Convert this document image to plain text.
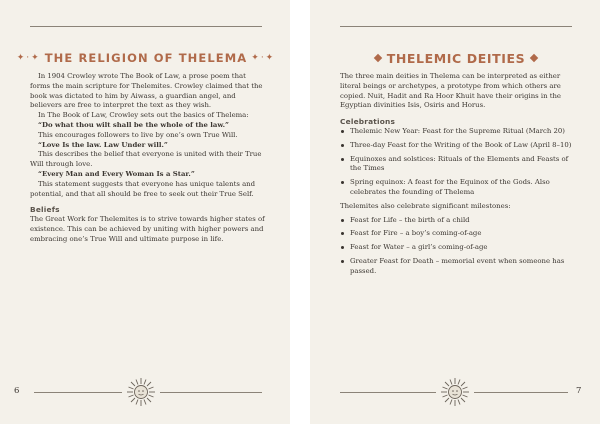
✦·✦ THE RELIGION OF THELEMA ✦·✦

In 1904 Crowley wrote The Book of Law, a prose poem that forms the main scripture for Thelemites. Crowley claimed that the book was dictated to him by Aiwass, a guardian angel, and believers are free to interpret the text as they wish.

In The Book of Law, Crowley sets out the basics of Thelema:

“Do what thou wilt shall be the whole of the law.”

This encourages followers to live by one’s own True Will.

“Love Is the law. Law Under will.”

This describes the belief that everyone is united with their True Will through love.

“Every Man and Every Woman Is a Star.”

This statement suggests that everyone has unique talents and potential, and that all should be free to seek out their True Self.

Beliefs

The Great Work for Thelemites is to strive towards higher states of existence. This can be achieved by uniting with higher powers and embracing one’s True Will and ultimate purpose in life.

6
THELEMIC DEITIES

The three main deities in Thelema can be interpreted as either literal beings or archetypes, a prototype from which others are copied. Nuit, Hadit and Ra Hoor Khuit have their origins in the Egyptian divinities Isis, Osiris and Horus.

Celebrations

Thelemic New Year: Feast for the Supreme Ritual (March 20)
Three-day Feast for the Writing of the Book of Law (April 8–10)
Equinoxes and solstices: Rituals of the Elements and Feasts of the Times
Spring equinox: A feast for the Equinox of the Gods. Also celebrates the founding of Thelema

Thelemites also celebrate significant milestones:

Feast for Life – the birth of a child
Feast for Fire – a boy’s coming-of-age
Feast for Water – a girl’s coming-of-age
Greater Feast for Death – memorial event when someone has passed.
7
